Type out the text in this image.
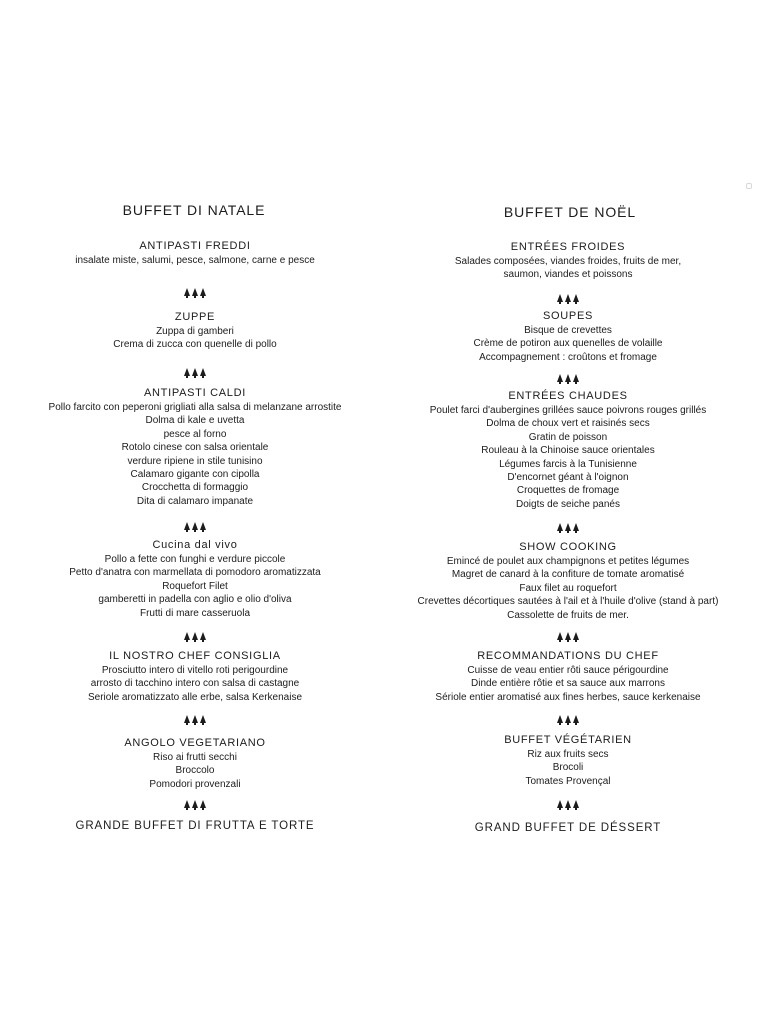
BUFFET DI NATALE
ANTIPASTI FREDDI
insalate miste, salumi, pesce, salmone, carne e pesce
ZUPPE
Zuppa di gamberi
Crema di zucca con quenelle di pollo
ANTIPASTI CALDI
Pollo farcito con peperoni grigliati alla salsa di melanzane arrostite
Dolma di kale e uvetta
pesce al forno
Rotolo cinese con salsa orientale
verdure ripiene in stile tunisino
Calamaro gigante con cipolla
Crocchetta di formaggio
Dita di calamaro impanate
Cucina dal vivo
Pollo a fette con funghi e verdure piccole
Petto d'anatra con marmellata di pomodoro aromatizzata
Roquefort Filet
gamberetti in padella con aglio e olio d'oliva
Frutti di mare casseruola
IL NOSTRO CHEF CONSIGLIA
Prosciutto intero di vitello roti perigourdine
arrosto di tacchino intero con salsa di castagne
Seriole aromatizzato alle erbe, salsa Kerkenaise
ANGOLO VEGETARIANO
Riso ai frutti secchi
Broccolo
Pomodori provenzali
GRANDE BUFFET DI FRUTTA E TORTE
BUFFET DE NOËL
ENTRÉES FROIDES
Salades composées, viandes froides, fruits de mer,
saumon, viandes et poissons
SOUPES
Bisque de crevettes
Crème de potiron aux quenelles de volaille
Accompagnement : croûtons et fromage
ENTRÉES CHAUDES
Poulet farci d'aubergines grillées sauce poivrons rouges grillés
Dolma de choux vert et raisinés secs
Gratin de poisson
Rouleau à la Chinoise sauce orientales
Légumes farcis à la Tunisienne
D'encornet géant à l'oignon
Croquettes de fromage
Doigts de seiche panés
SHOW COOKING
Emincé de poulet aux champignons et petites légumes
Magret de canard à la confiture de tomate aromatisé
Faux filet au roquefort
Crevettes décortiques sautées à l'ail et à l'huile d'olive (stand à part)
Cassolette de fruits de mer.
RECOMMANDATIONS DU CHEF
Cuisse de veau entier rôti sauce périgourdine
Dinde entière rôtie et sa sauce aux marrons
Sériole entier aromatisé aux fines herbes, sauce kerkenaise
BUFFET VÉGÉTARIEN
Riz aux fruits secs
Brocoli
Tomates Provençal
GRAND BUFFET DE DÉSSERT
